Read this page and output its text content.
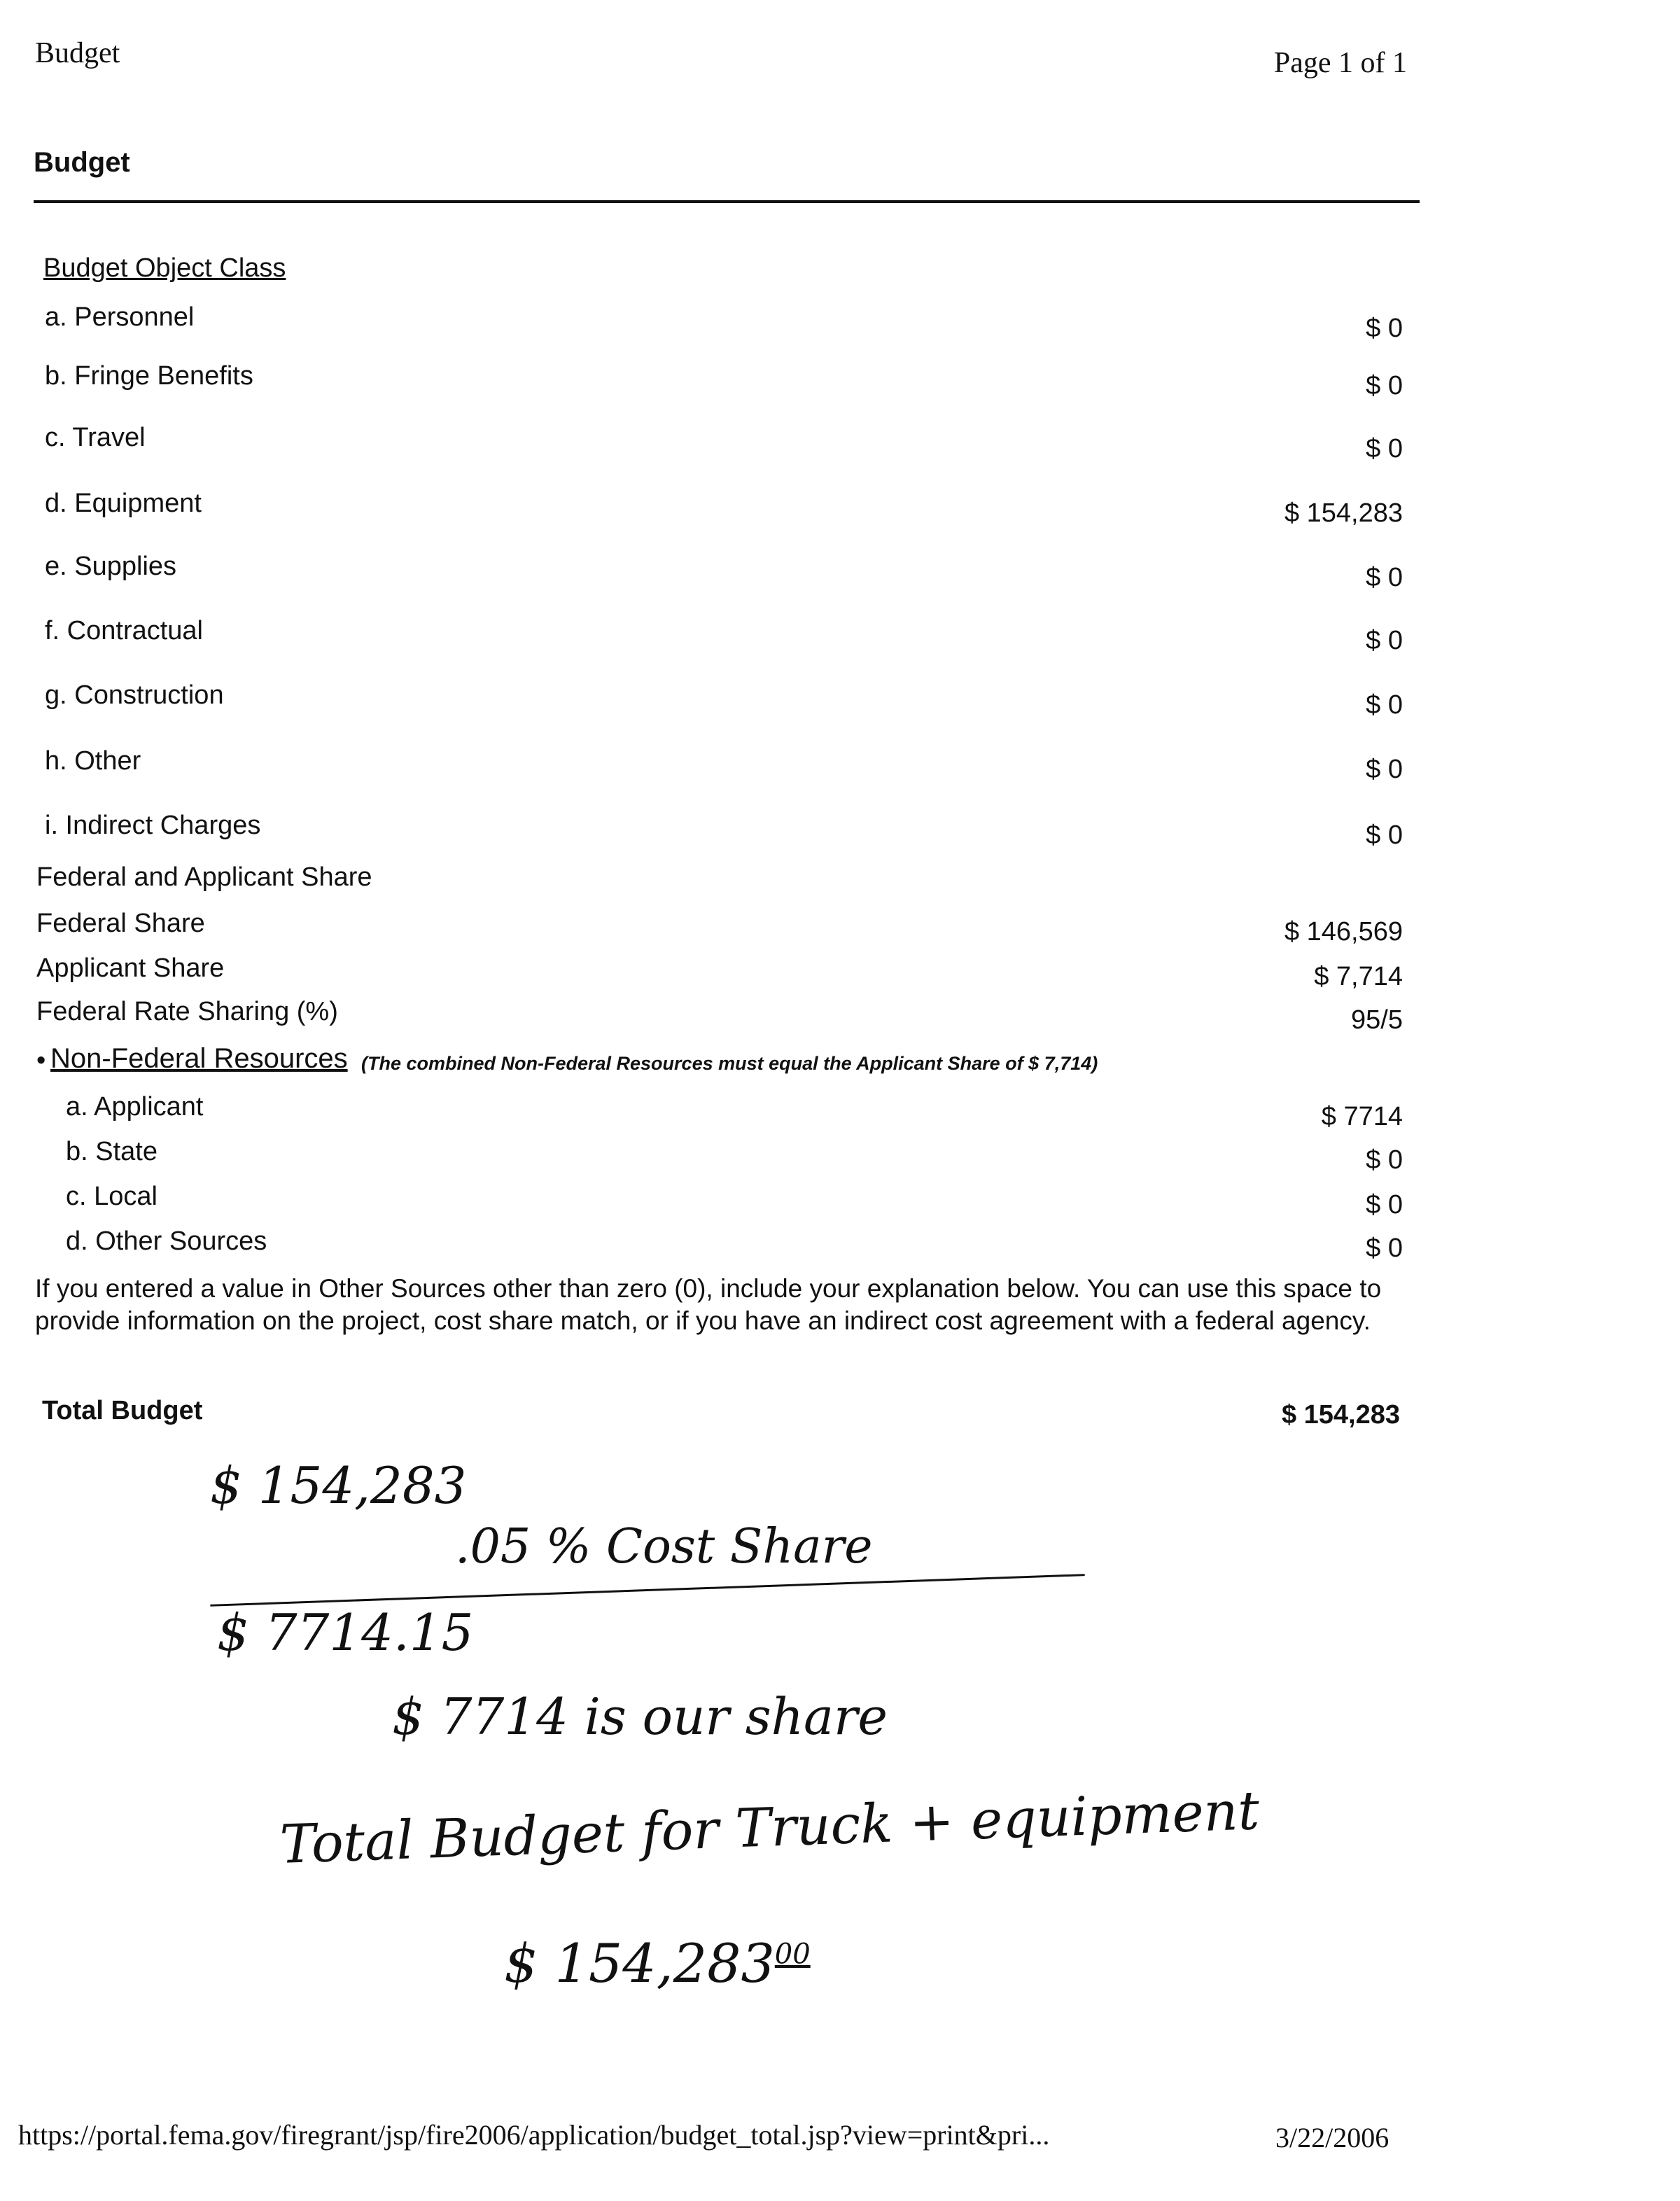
Budget	Page 1 of 1
Budget
Budget Object Class
a. Personnel	$ 0
b. Fringe Benefits	$ 0
c. Travel	$ 0
d. Equipment	$ 154,283
e. Supplies	$ 0
f. Contractual	$ 0
g. Construction	$ 0
h. Other	$ 0
i. Indirect Charges	$ 0
Federal and Applicant Share
Federal Share	$ 146,569
Applicant Share	$ 7,714
Federal Rate Sharing (%)	95/5
• Non-Federal Resources (The combined Non-Federal Resources must equal the Applicant Share of $ 7,714)
a. Applicant	$ 7714
b. State	$ 0
c. Local	$ 0
d. Other Sources	$ 0
If you entered a value in Other Sources other than zero (0), include your explanation below. You can use this space to provide information on the project, cost share match, or if you have an indirect cost agreement with a federal agency.
Total Budget	$ 154,283
$ 154,283
.05 % Cost Share
$ 7714.15
$ 7714 is our share
Total Budget for Truck + equipment
$ 154,283$^{00}$
https://portal.fema.gov/firegrant/jsp/fire2006/application/budget_total.jsp?view=print&pri...	3/22/2006
